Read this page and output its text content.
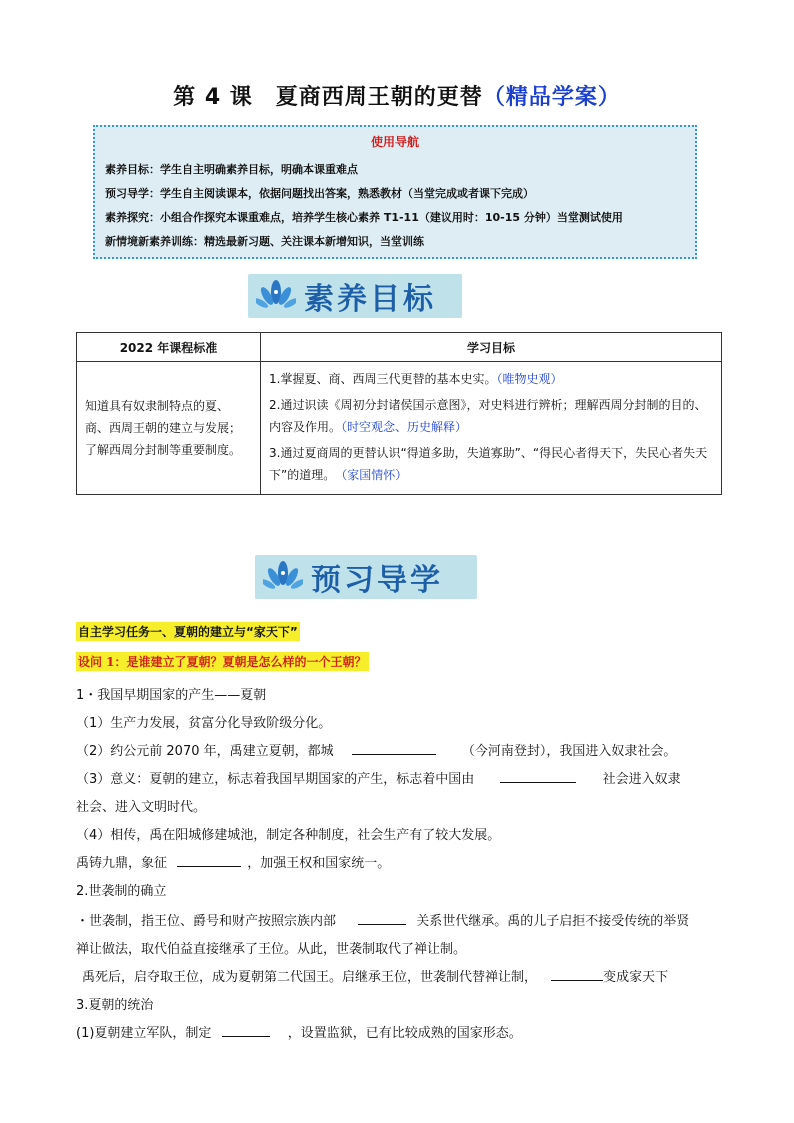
第 4 课　夏商西周王朝的更替（精品学案）
使用导航
素养目标：学生自主明确素养目标，明确本课重难点
预习导学：学生自主阅读课本，依据问题找出答案，熟悉教材（当堂完成或者课下完成）
素养探究：小组合作探究本课重难点，培养学生核心素养 T1-11（建议用时：10-15 分钟）当堂测试使用
新情境新素养训练：精选最新习题、关注课本新增知识，当堂训练
素养目标
2022 年课程标准	学习目标
知道具有奴隶制特点的夏、商、西周王朝的建立与发展；了解西周分封制等重要制度。	1.掌握夏、商、西周三代更替的基本史实。（唯物史观）
2.通过识读《周初分封诸侯国示意图》，对史料进行辨析；理解西周分封制的目的、内容及作用。（时空观念、历史解释）
3.通过夏商周的更替认识“得道多助，失道寡助”、“得民心者得天下，失民心者失天下”的道理。　（家国情怀）
预习导学
自主学习任务一、夏朝的建立与“家天下”
设问 1：是谁建立了夏朝？夏朝是怎么样的一个王朝？
1・我国早期国家的产生——夏朝
（1）生产力发展，贫富分化导致阶级分化。
（2）约公元前 2070 年，禹建立夏朝，都城	（今河南登封），我国进入奴隶社会。
（3）意义：夏朝的建立，标志着我国早期国家的产生，标志着中国由	社会进入奴隶
社会、进入文明时代。
（4）相传，禹在阳城修建城池，制定各种制度，社会生产有了较大发展。
禹铸九鼎，象征	，加强王权和国家统一。
2.世袭制的确立
・世袭制，指王位、爵号和财产按照宗族内部	关系世代继承。禹的儿子启拒不接受传统的举贤
禅让做法，取代伯益直接继承了王位。从此，世袭制取代了禅让制。
禹死后，启夺取王位，成为夏朝第二代国王。启继承王位，世袭制代替禅让制，	变成家天下
3.夏朝的统治
(1)夏朝建立军队，制定	，设置监狱，已有比较成熟的国家形态。
